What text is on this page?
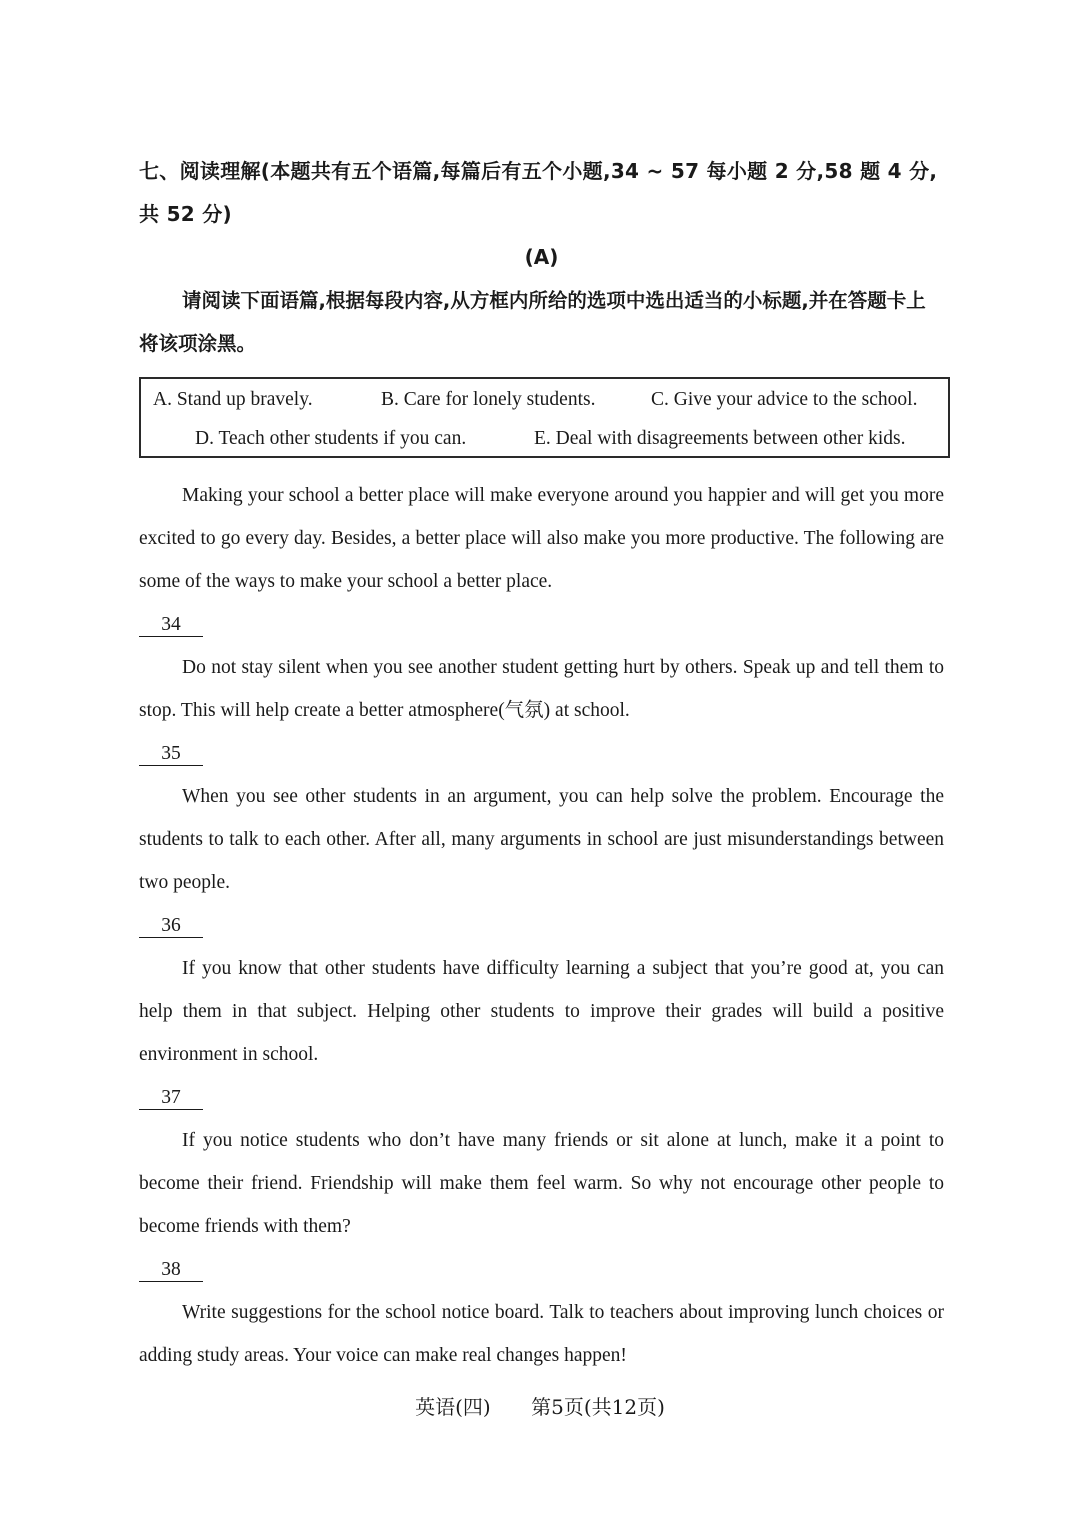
七、阅读理解(本题共有五个语篇,每篇后有五个小题,34 ~ 57 每小题 2 分,58 题 4 分,共 52 分)

(A)

请阅读下面语篇,根据每段内容,从方框内所给的选项中选出适当的小标题,并在答题卡上将该项涂黑。

A. Stand up bravely.	B. Care for lonely students.	C. Give your advice to the school.
D. Teach other students if you can.	E. Deal with disagreements between other kids.

Making your school a better place will make everyone around you happier and will get you more excited to go every day. Besides, a better place will also make you more productive. The following are some of the ways to make your school a better place.

34

Do not stay silent when you see another student getting hurt by others. Speak up and tell them to stop. This will help create a better atmosphere(气氛) at school.

35

When you see other students in an argument, you can help solve the problem. Encourage the students to talk to each other. After all, many arguments in school are just misunderstandings between two people.

36

If you know that other students have difficulty learning a subject that you’re good at, you can help them in that subject. Helping other students to improve their grades will build a positive environment in school.

37

If you notice students who don’t have many friends or sit alone at lunch, make it a point to become their friend. Friendship will make them feel warm. So why not encourage other people to become friends with them?

38

Write suggestions for the school notice board. Talk to teachers about improving lunch choices or adding study areas. Your voice can make real changes happen!

英语(四) 第5页(共12页)
